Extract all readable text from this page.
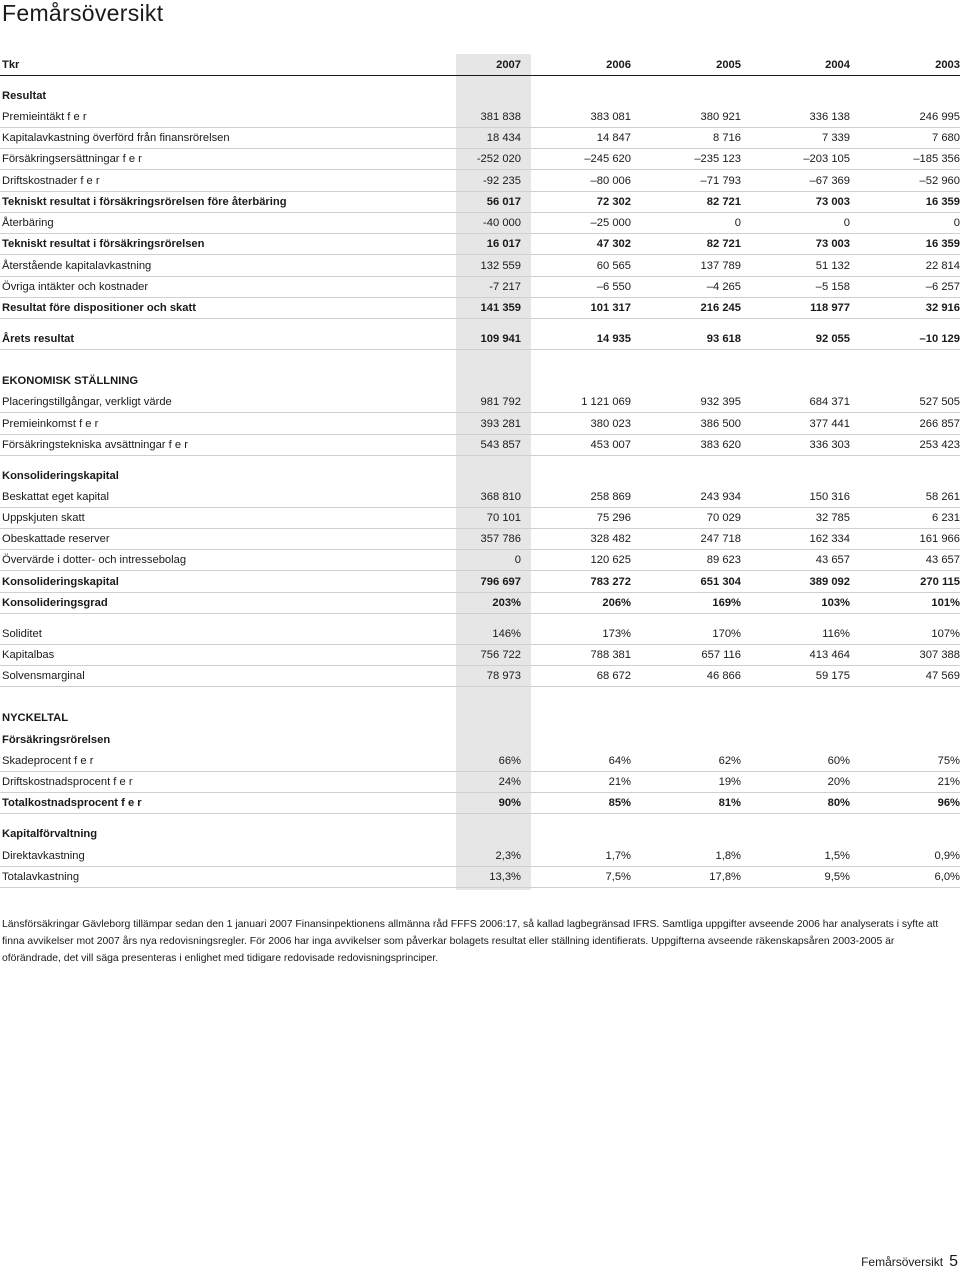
Femårsöversikt
Tkr	2007	2006	2005	2004	2003
Resultat
Premieintäkt f e r	381 838	383 081	380 921	336 138	246 995
Kapitalavkastning överförd från finansrörelsen	18 434	14 847	8 716	7 339	7 680
Försäkringsersättningar f e r	-252 020	–245 620	–235 123	–203 105	–185 356
Driftskostnader f e r	-92 235	–80 006	–71 793	–67 369	–52 960
Tekniskt resultat i försäkringsrörelsen före återbäring	56 017	72 302	82 721	73 003	16 359
Återbäring	-40 000	–25 000	0	0	0
Tekniskt resultat i försäkringsrörelsen	16 017	47 302	82 721	73 003	16 359
Återstående kapitalavkastning	132 559	60 565	137 789	51 132	22 814
Övriga intäkter och kostnader	-7 217	–6 550	–4 265	–5 158	–6 257
Resultat före dispositioner och skatt	141 359	101 317	216 245	118 977	32 916
Årets resultat	109 941	14 935	93 618	92 055	–10 129
EKONOMISK STÄLLNING
Placeringstillgångar, verkligt värde	981 792	1 121 069	932 395	684 371	527 505
Premieinkomst f e r	393 281	380 023	386 500	377 441	266 857
Försäkringstekniska avsättningar f e r	543 857	453 007	383 620	336 303	253 423
Konsolideringskapital
Beskattat eget kapital	368 810	258 869	243 934	150 316	58 261
Uppskjuten skatt	70 101	75 296	70 029	32 785	6 231
Obeskattade reserver	357 786	328 482	247 718	162 334	161 966
Övervärde i dotter- och intressebolag	0	120 625	89 623	43 657	43 657
Konsolideringskapital	796 697	783 272	651 304	389 092	270 115
Konsolideringsgrad	203%	206%	169%	103%	101%
Soliditet	146%	173%	170%	116%	107%
Kapitalbas	756 722	788 381	657 116	413 464	307 388
Solvensmarginal	78 973	68 672	46 866	59 175	47 569
NYCKELTAL
Försäkringsrörelsen
Skadeprocent f e r	66%	64%	62%	60%	75%
Driftskostnadsprocent f e r	24%	21%	19%	20%	21%
Totalkostnadsprocent f e r	90%	85%	81%	80%	96%
Kapitalförvaltning
Direktavkastning	2,3%	1,7%	1,8%	1,5%	0,9%
Totalavkastning	13,3%	7,5%	17,8%	9,5%	6,0%
Länsförsäkringar Gävleborg tillämpar sedan den 1 januari 2007 Finansinpektionens allmänna råd FFFS 2006:17, så kallad lagbegränsad IFRS. Samtliga uppgifter avseende 2006 har analyserats i syfte att finna avvikelser mot 2007 års nya redovisningsregler. För 2006 har inga avvikelser som påverkar bolagets resultat eller ställning identifierats. Uppgifterna avseende räkenskapsåren 2003-2005 är oförändrade, det vill säga presenteras i enlighet med tidigare redovisade redovisningsprinciper.
Femårsöversikt 5
